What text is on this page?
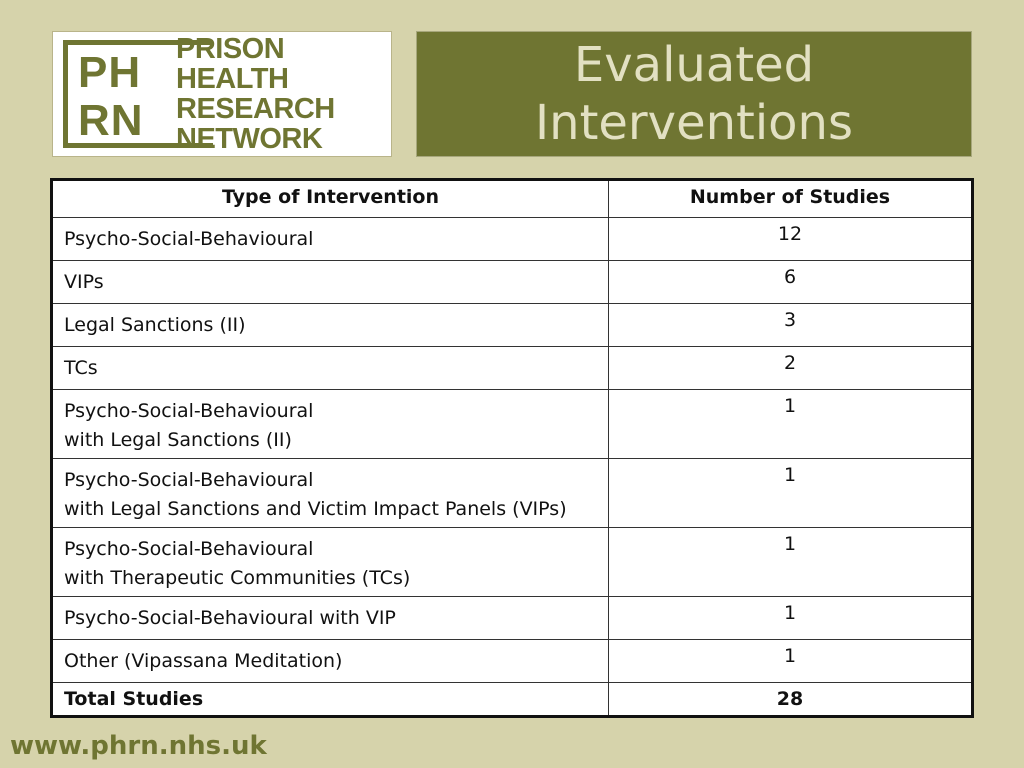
PH
RN
PRISON
HEALTH
RESEARCH
NETWORK
Evaluated Interventions
Type of Intervention	Number of Studies

Psycho-Social-Behavioural	12

VIPs	6

Legal Sanctions (II)	3

TCs	2

Psycho-Social-Behavioural
with Legal Sanctions (II)	1

Psycho-Social-Behavioural
with Legal Sanctions and Victim Impact Panels (VIPs)	1

Psycho-Social-Behavioural
with Therapeutic Communities (TCs)	1

Psycho-Social-Behavioural with VIP	1

Other (Vipassana Meditation)	1
Total Studies	28
www.phrn.nhs.uk
